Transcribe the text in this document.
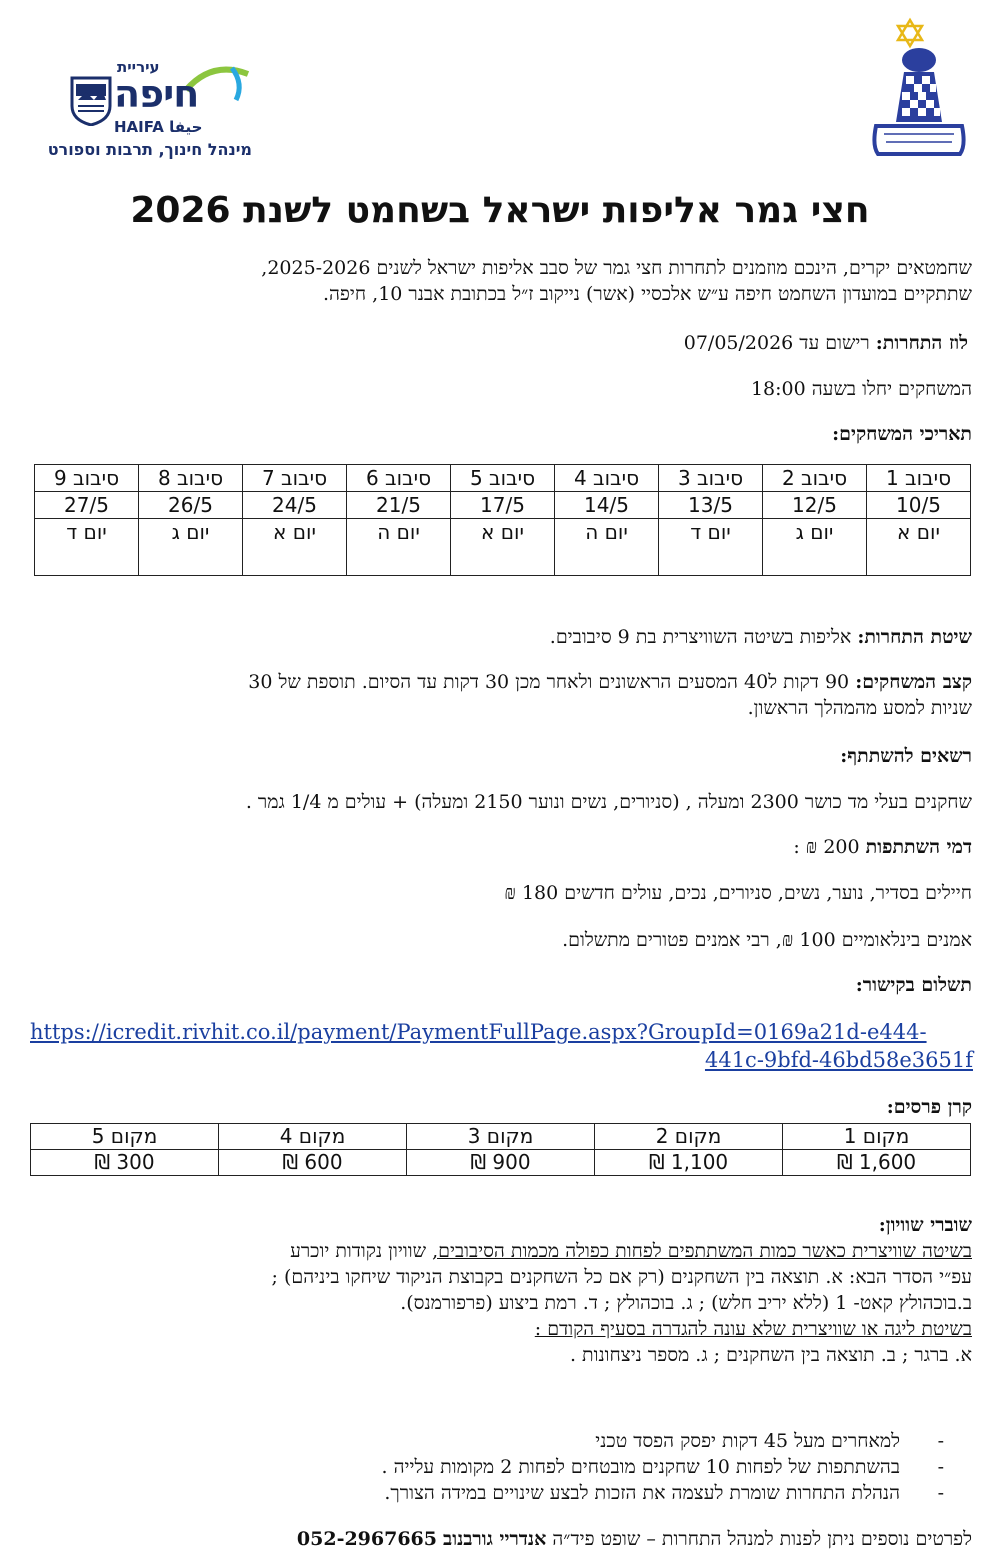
עיריית
חיפה
HAIFA حيفا
מינהל חינוך, תרבות וספורט
חצי גמר אליפות ישראל בשחמט לשנת 2026
שחמטאים יקרים, הינכם מוזמנים לתחרות חצי גמר של סבב אליפות ישראל לשנים 2025-2026,
שתתקיים במועדון השחמט חיפה ע״ש אלכסיי (אשר) נייקוב ז״ל בכתובת אבנר 10, חיפה.
לוז התחרות: רישום עד 07/05/2026
המשחקים יחלו בשעה 18:00
תאריכי המשחקים:
סיבוב 1	סיבוב 2	סיבוב 3	סיבוב 4	סיבוב 5	סיבוב 6	סיבוב 7	סיבוב 8	סיבוב 9
10/5	12/5	13/5	14/5	17/5	21/5	24/5	26/5	27/5
יום א	יום ג	יום ד	יום ה	יום א	יום ה	יום א	יום ג	יום ד
שיטת התחרות: אליפות בשיטה השוויצרית בת 9 סיבובים.
קצב המשחקים: 90 דקות ל40 המסעים הראשונים ולאחר מכן 30 דקות עד הסיום. תוספת של 30
שניות למסע מהמהלך הראשון.
רשאים להשתתף:
שחקנים בעלי מד כושר 2300 ומעלה , (סניורים, נשים ונוער 2150 ומעלה) + עולים מ 1/4 גמר .
דמי השתתפות 200 ₪ :
חיילים בסדיר, נוער, נשים, סניורים, נכים, עולים חדשים 180 ₪
אמנים בינלאומיים 100 ₪, רבי אמנים פטורים מתשלום.
תשלום בקישור:
https://icredit.rivhit.co.il/payment/PaymentFullPage.aspx?GroupId=0169a21d-e444-

441c-9bfd-46bd58e3651f
קרן פרסים:
מקום 1	מקום 2	מקום 3	מקום 4	מקום 5
1,600 ₪	1,100 ₪	900 ₪	600 ₪	300 ₪
שוברי שוויון:
בשיטה שוויצרית כאשר כמות המשתתפים לפחות כפולה מכמות הסיבובים, שוויון נקודות יוכרע
עפ״י הסדר הבא: א. תוצאה בין השחקנים (רק אם כל השחקנים בקבוצת הניקוד שיחקו ביניהם) ;
ב.בוכהולץ קאט- 1 (ללא יריב חלש) ; ג. בוכהולץ ; ד. רמת ביצוע (פרפורמנס).
בשיטת ליגה או שוויצרית שלא עונה להגדרה בסעיף הקודם :
א. ברגר ; ב. תוצאה בין השחקנים ; ג. מספר ניצחונות .
-
למאחרים מעל 45 דקות יפסק הפסד טכני
-
בהשתתפות של לפחות 10 שחקנים מובטחים לפחות 2 מקומות עלייה .
-
הנהלת התחרות שומרת לעצמה את הזכות לבצע שינויים במידה הצורך.
לפרטים נוספים ניתן לפנות למנהל התחרות – שופט פיד״ה אנדריי גורבנוב 052-2967665
